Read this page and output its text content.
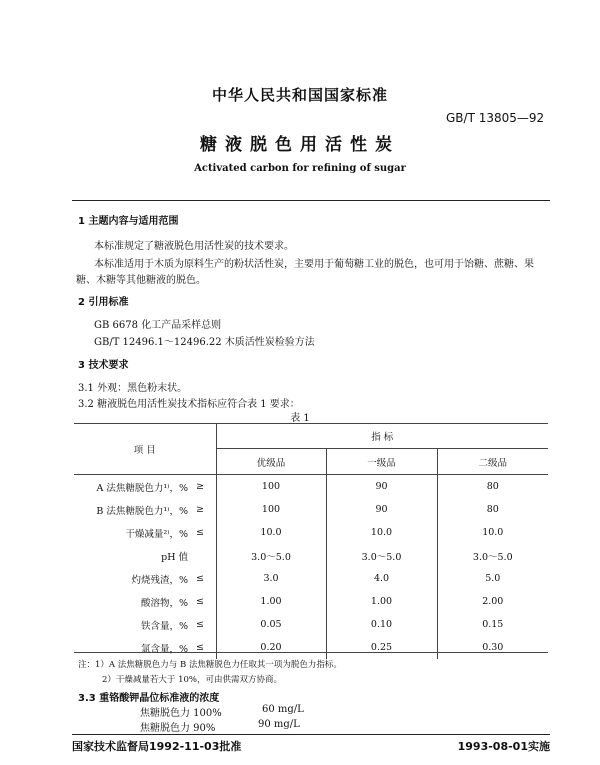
中华人民共和国国家标准
GB/T 13805—92
糖液脱色用活性炭
Activated carbon for refining of sugar
1 主题内容与适用范围
本标准规定了糖液脱色用活性炭的技术要求。
本标准适用于木质为原料生产的粉状活性炭，主要用于葡萄糖工业的脱色，也可用于饴糖、蔗糖、果
糖、木糖等其他糖液的脱色。
2 引用标准
GB 6678 化工产品采样总则
GB/T 12496.1～12496.22 木质活性炭检验方法
3 技术要求
3.1 外观：黑色粉末状。
3.2 糖液脱色用活性炭技术指标应符合表 1 要求：
表 1
项 目		指 标		
		优级品	一级品	二级品
A 法焦糖脱色力¹⁾，%	≥	100	90	80
B 法焦糖脱色力¹⁾，%	≥	100	90	80
干燥减量²⁾，%	≤	10.0	10.0	10.0
pH 值		3.0～5.0	3.0～5.0	3.0～5.0
灼烧残渣，%	≤	3.0	4.0	5.0
酸溶物，%	≤	1.00	1.00	2.00
铁含量，%	≤	0.05	0.10	0.15
氯含量，%	≤	0.20	0.25	0.30
注：1）A 法焦糖脱色力与 B 法焦糖脱色力任取其一项为脱色力指标。
2）干燥减量若大于 10%，可由供需双方协商。
3.3 重铬酸钾晶位标准液的浓度
焦糖脱色力 100%	60 mg/L
焦糖脱色力 90%	90 mg/L
国家技术监督局1992-11-03批准	1993-08-01实施
